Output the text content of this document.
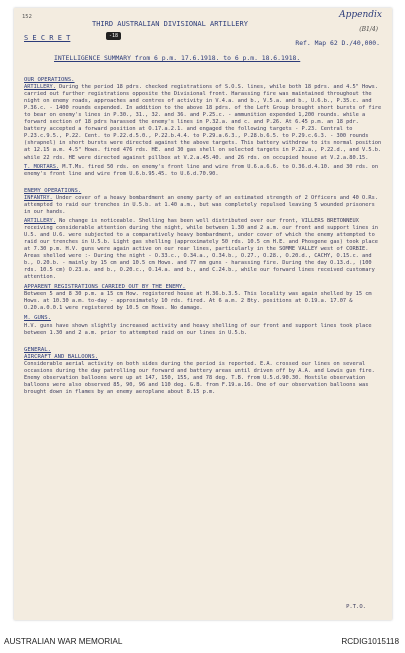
152	Appendix
THIRD AUSTRALIAN DIVISIONAL ARTILLERY
(B1/4)
S E C R E T	-18
Ref. Map 62 D./40,000.
INTELLIGENCE SUMMARY from 6 p.m. 17.6.1918. to 6 p.m. 18.6.1918.
OUR OPERATIONS.

ARTILLERY. During the period 18 pdrs. checked registrations of S.O.S. lines, while both 18 pdrs. and 4.5" Hows. carried out further registrations opposite the Divisional front. Harassing fire was maintained throughout the night on enemy roads, approaches and centres of activity in V.4.a. and b., V.5.a. and b., U.6.b., P.35.c. and P.36.c. - 1400 rounds expended. In addition to the above 18 pdrs. of the Left Group brought short bursts of fire to bear on enemy's lines in P.30., 31., 32. and 36. and P.25.c. - ammunition expended 1,200 rounds. while a forward section of 18 pdrs harassed the enemy's lines in P.32.a. and c. and P.26. At 6.45 p.m. an 18 pdr. battery accepted a forward position at O.17.a.2.1. and engaged the following targets - P.23. Central to P.23.c.9.5., P.22. Cent. to P.22.d.5.0., P.22.b.4.4. to P.29.a.6.3., P.28.b.6.5. to P.29.c.6.3. - 300 rounds (shrapnel) in short bursts were directed against the above targets. This battery withdrew to its normal position at 12.15 a.m. 4.5" Hows. fired 476 rds. HE. and 30 gas shell on selected targets in P.22.a., P.22.d., and V.5.b. while 22 rds. HE were directed against pillbox at V.2.a.45.40. and 26 rds. on occupied house at V.2.a.80.15.

T. MORTARS. M.T.Ms. fired 50 rds. on enemy's front line and wire from U.6.a.6.6. to O.36.d.4.10. and 30 rds. on enemy's front line and wire from U.6.b.95.45. to U.6.d.70.90.

ENEMY OPERATIONS.

INFANTRY. Under cover of a heavy bombardment an enemy party of an estimated strength of 2 Officers and 40 O.Rs. attempted to raid our trenches in U.5.b. at 1.40 a.m., but was completely repulsed leaving 5 wounded prisoners in our hands.

ARTILLERY. No change is noticeable. Shelling has been well distributed over our front, VILLERS BRETONNEUX receiving considerable attention during the night, while between 1.30 and 2 a.m. our front and support lines in U.5. and U.6. were subjected to a comparatively heavy bombardment, under cover of which the enemy attempted to raid our trenches in U.5.b. Light gas shelling (approximately 50 rds. 10.5 cm H.E. and Phosgene gas) took place at 7.30 p.m. H.V. guns were again active on our rear lines, particularly in the SOMME VALLEY west of CORBIE. Areas shelled were :- During the night - O.33.c., O.34.a., O.34.b., O.27., O.28., O.20.d., CACHY, O.15.c. and b., O.20.b. - mainly by 15 cm and 10.5 cm Hows. and 77 mm guns - harassing fire. During the day O.13.d., (100 rds. 10.5 cm) O.23.a. and b., O.20.c., O.14.a. and b., and C.24.b., while our forward lines received customary attention.

APPARENT REGISTRATIONS CARRIED OUT BY THE ENEMY.

Between 5 and 8 30 p.m. a 15 cm How. registered house at H.36.b.3.5. This locality was again shelled by 15 cm Hows. at 10.30 a.m. to-day - approximately 10 rds. fired. At 6 a.m. 2 Bty. positions at O.19.a. 17.07 & O.20.a.0.0.1 were registered by 10.5 cm Hows. No damage.

M. GUNS.

H.V. guns have shown slightly increased activity and heavy shelling of our front and support lines took place between 1.30 and 2 a.m. prior to attempted raid on our lines in U.5.b.

GENERAL.
AIRCRAFT AND BALLOONS.

Considerable aerial activity on both sides during the period is reported. E.A. crossed our lines on several occasions during the day patrolling our forward and battery areas until driven off by A.A. and Lewis gun fire. Enemy observation balloons were up at 147, 150, 155, and 78 deg. T.B. from U.5.d.90.30. Hostile observation balloons were also observed 85, 90, 96 and 110 deg. G.B. from F.19.a.16. One of our observation balloons was brought down in flames by an enemy aeroplane about 8.15 p.m.

P.T.O.
AUSTRALIAN WAR MEMORIAL	RCDIG1015118
